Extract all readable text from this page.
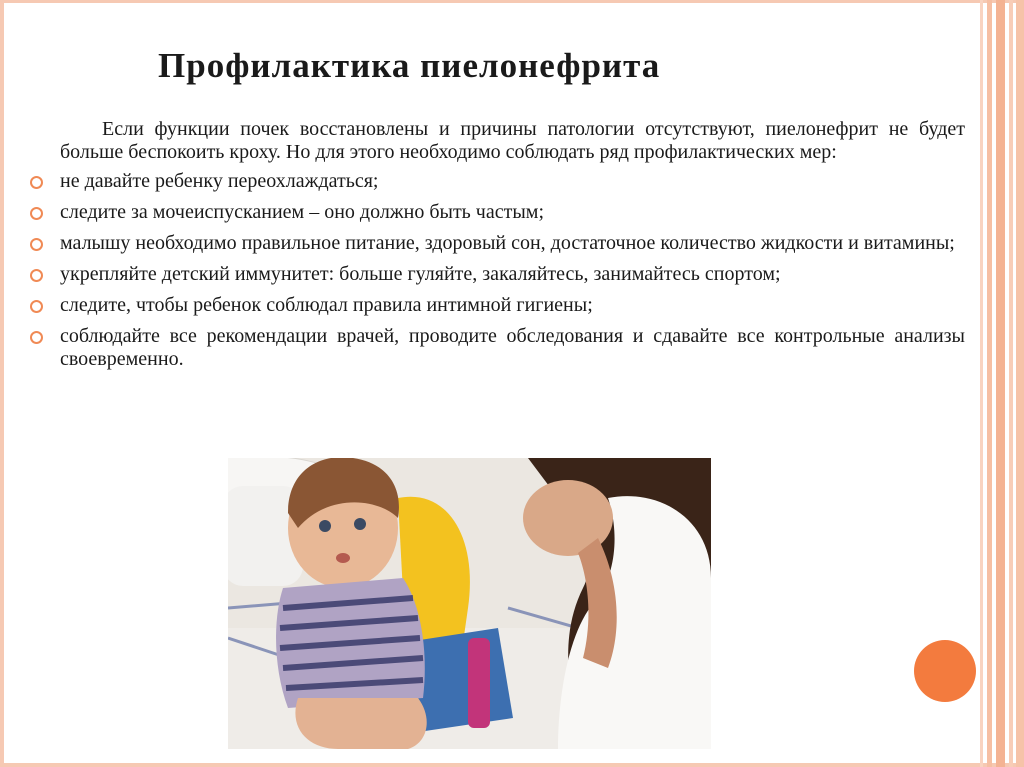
Профилактика пиелонефрита

Если функции почек восстановлены и причины патологии отсутствуют, пиелонефрит не будет больше беспокоить кроху. Но для этого необходимо соблюдать ряд профилактических мер:

не давайте ребенку переохлаждаться;
следите за мочеиспусканием – оно должно быть частым;
малышу необходимо правильное питание, здоровый сон, достаточное количество жидкости и витамины;
укрепляйте детский иммунитет: больше гуляйте, закаляйтесь, занимайтесь спортом;
следите, чтобы ребенок соблюдал правила интимной гигиены;
соблюдайте все рекомендации врачей, проводите обследования и сдавайте все контрольные анализы своевременно.
